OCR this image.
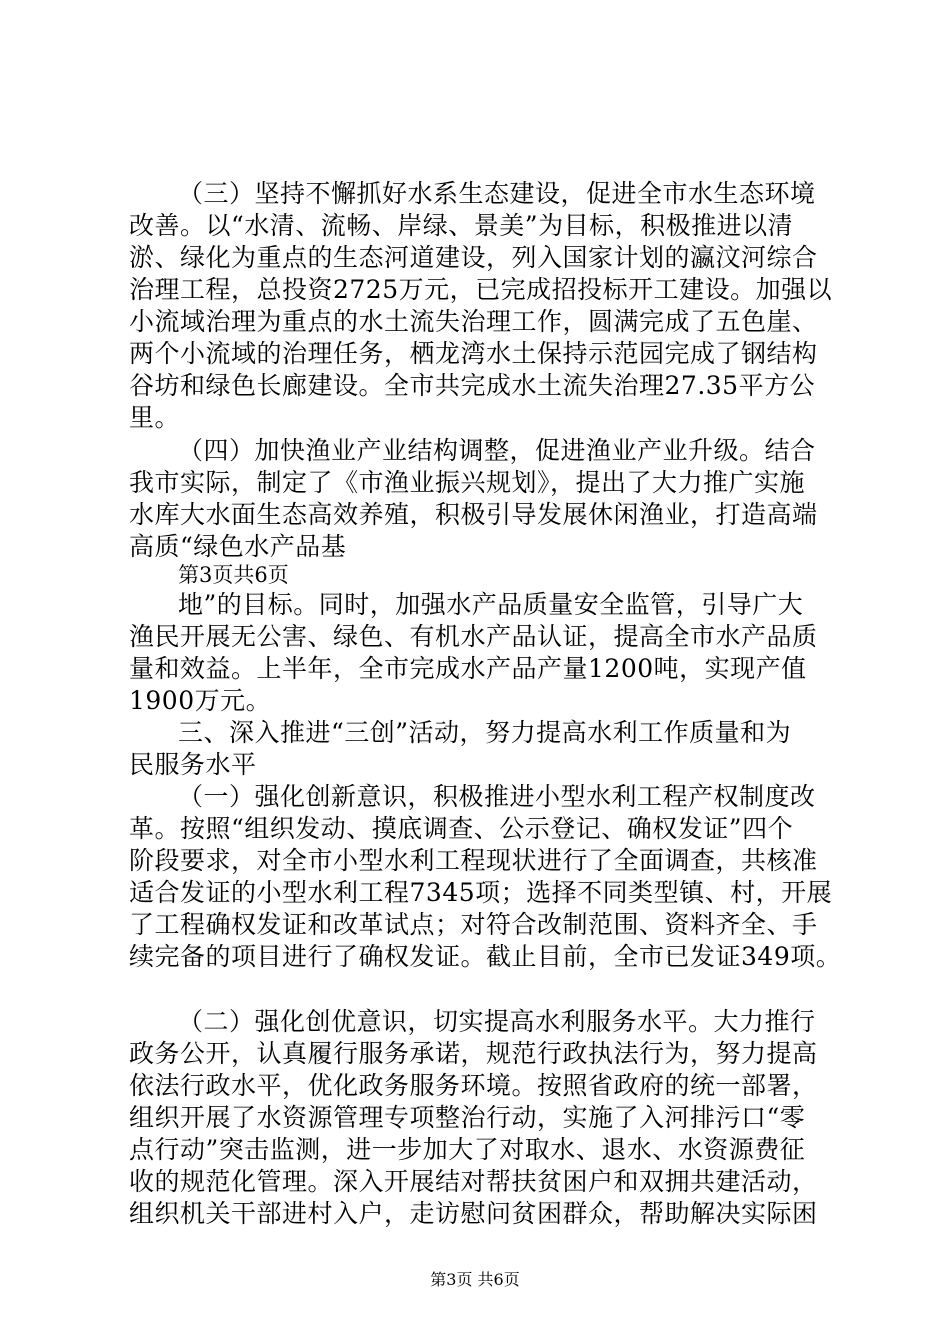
（三）坚持不懈抓好水系生态建设，促进全市水生态环境
改善。以“水清、流畅、岸绿、景美”为目标，积极推进以清
淤、绿化为重点的生态河道建设，列入国家计划的瀛汶河综合
治理工程，总投资2725万元，已完成招投标开工建设。加强以
小流域治理为重点的水土流失治理工作，圆满完成了五色崖、
两个小流域的治理任务，栖龙湾水土保持示范园完成了钢结构
谷坊和绿色长廊建设。全市共完成水土流失治理27.35平方公
里。
（四）加快渔业产业结构调整，促进渔业产业升级。结合
我市实际，制定了《市渔业振兴规划》，提出了大力推广实施
水库大水面生态高效养殖，积极引导发展休闲渔业，打造高端
高质“绿色水产品基
第3页共6页
地”的目标。同时，加强水产品质量安全监管，引导广大
渔民开展无公害、绿色、有机水产品认证，提高全市水产品质
量和效益。上半年，全市完成水产品产量1200吨，实现产值
1900万元。
三、深入推进“三创”活动，努力提高水利工作质量和为
民服务水平
（一）强化创新意识，积极推进小型水利工程产权制度改
革。按照“组织发动、摸底调查、公示登记、确权发证”四个
阶段要求，对全市小型水利工程现状进行了全面调查，共核准
适合发证的小型水利工程7345项；选择不同类型镇、村，开展
了工程确权发证和改革试点；对符合改制范围、资料齐全、手
续完备的项目进行了确权发证。截止目前，全市已发证349项。
（二）强化创优意识，切实提高水利服务水平。大力推行
政务公开，认真履行服务承诺，规范行政执法行为，努力提高
依法行政水平，优化政务服务环境。按照省政府的统一部署，
组织开展了水资源管理专项整治行动，实施了入河排污口“零
点行动”突击监测，进一步加大了对取水、退水、水资源费征
收的规范化管理。深入开展结对帮扶贫困户和双拥共建活动，
组织机关干部进村入户，走访慰问贫困群众，帮助解决实际困
第3页 共6页
